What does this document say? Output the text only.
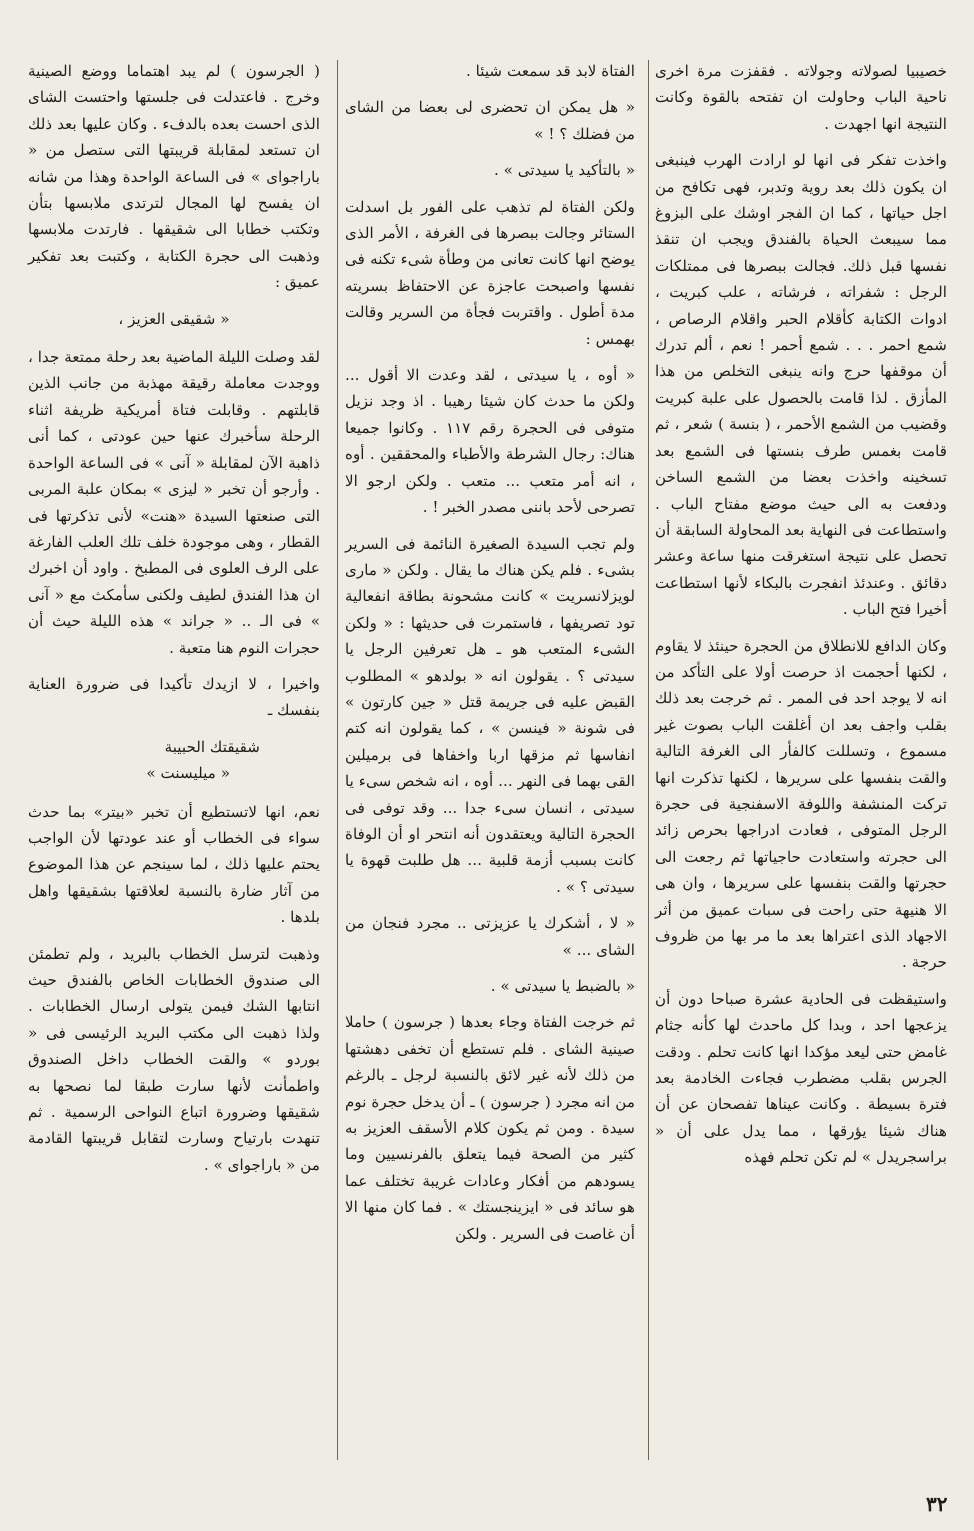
خصيبيا لصولاته وجولاته . فقفزت مرة اخرى ناحية الباب وحاولت ان تفتحه بالقوة وكانت النتيجة انها اجهدت .

واخذت تفكر فى انها لو ارادت الهرب فينبغى ان يكون ذلك بعد روية وتدبر، فهى تكافح من اجل حياتها ، كما ان الفجر اوشك على البزوغ مما سيبعث الحياة بالفندق ويجب ان تنقذ نفسها قبل ذلك. فجالت ببصرها فى ممتلكات الرجل : شفراته ، فرشاته ، علب كبريت ، ادوات الكتابة كأقلام الحبر واقلام الرصاص ، شمع احمر . . . شمع أحمر ! نعم ، ألم تدرك أن موقفها حرج وانه ينبغى التخلص من هذا المأزق . لذا قامت بالحصول على علبة كبريت وقضيب من الشمع الأحمر ، ( بنسة ) شعر ، ثم قامت بغمس طرف بنستها فى الشمع بعد تسخينه واخذت بعضا من الشمع الساخن ودفعت به الى حيث موضع مفتاح الباب . واستطاعت فى النهاية بعد المحاولة السابقة أن تحصل على نتيجة استغرقت منها ساعة وعشر دقائق . وعندئذ انفجرت بالبكاء لأنها استطاعت أخيرا فتح الباب .

وكان الدافع للانطلاق من الحجرة حينئذ لا يقاوم ، لكنها أحجمت اذ حرصت أولا على التأكد من انه لا يوجد احد فى الممر . ثم خرجت بعد ذلك بقلب واجف بعد ان أغلقت الباب بصوت غير مسموع ، وتسللت كالفأر الى الغرفة التالية والقت بنفسها على سريرها ، لكنها تذكرت انها تركت المنشفة واللوفة الاسفنجية فى حجرة الرجل المتوفى ، فعادت ادراجها بحرص زائد الى حجرته واستعادت حاجياتها ثم رجعت الى حجرتها والقت بنفسها على سريرها ، وان هى الا هنيهة حتى راحت فى سبات عميق من أثر الاجهاد الذى اعتراها بعد ما مر بها من ظروف حرجة .

واستيقظت فى الحادية عشرة صباحا دون أن يزعجها احد ، وبدا كل ماحدث لها كأنه جثام غامض حتى ليعد مؤكدا انها كانت تحلم . ودقت الجرس بقلب مضطرب فجاءت الخادمة بعد فترة بسيطة . وكانت عيناها تفصحان عن أن هناك شيئا يؤرقها ، مما يدل على أن « براسجريدل » لم تكن تحلم فهذه

الفتاة لابد قد سمعت شيئا .

« هل يمكن ان تحضرى لى بعضا من الشاى من فضلك ؟ ! »

« بالتأكيد يا سيدتى » .

ولكن الفتاة لم تذهب على الفور بل اسدلت الستائر وجالت ببصرها فى الغرفة ، الأمر الذى يوضح انها كانت تعانى من وطأة شىء تكنه فى نفسها واصبحت عاجزة عن الاحتفاظ بسريته مدة أطول . واقتربت فجأة من السرير وقالت بهمس :

« أوه ، يا سيدتى ، لقد وعدت الا أقول ... ولكن ما حدث كان شيئا رهيبا . اذ وجد نزيل متوفى فى الحجرة رقم ١١٧ . وكانوا جميعا هناك: رجال الشرطة والأطباء والمحققين . أوه ، انه أمر متعب ... متعب . ولكن ارجو الا تصرحى لأحد باننى مصدر الخبر ! .

ولم تجب السيدة الصغيرة النائمة فى السرير بشىء . فلم يكن هناك ما يقال . ولكن « مارى لويزلانسريت » كانت مشحونة بطاقة انفعالية تود تصريفها ، فاستمرت فى حديثها : « ولكن الشىء المتعب هو ـ هل تعرفين الرجل يا سيدتى ؟ . يقولون انه « بولدهو » المطلوب القبض عليه فى جريمة قتل « جين كارتون » فى شونة « فينسن » ، كما يقولون انه كتم انفاسها ثم مزقها اربا واخفاها فى برميلين القى بهما فى النهر ... أوه ، انه شخص سىء يا سيدتى ، انسان سىء جدا ... وقد توفى فى الحجرة التالية ويعتقدون أنه انتحر او أن الوفاة كانت بسبب أزمة قلبية ... هل طلبت قهوة يا سيدتى ؟ » .

« لا ، أشكرك يا عزيزتى .. مجرد فنجان من الشاى ... »

« بالضبط يا سيدتى » .

ثم خرجت الفتاة وجاء بعدها ( جرسون ) حاملا صينية الشاى . فلم تستطع أن تخفى دهشتها من ذلك لأنه غير لائق بالنسبة لرجل ـ بالرغم من انه مجرد ( جرسون ) ـ أن يدخل حجرة نوم سيدة . ومن ثم يكون كلام الأسقف العزيز به كثير من الصحة فيما يتعلق بالفرنسيين وما يسودهم من أفكار وعادات غريبة تختلف عما هو سائد فى « ايزينجستك » . فما كان منها الا أن غاصت فى السرير . ولكن

( الجرسون ) لم يبد اهتماما ووضع الصينية وخرج . فاعتدلت فى جلستها واحتست الشاى الذى احست بعده بالدفء . وكان عليها بعد ذلك ان تستعد لمقابلة قريبتها التى ستصل من « باراجواى » فى الساعة الواحدة وهذا من شانه ان يفسح لها المجال لترتدى ملابسها بتأن وتكتب خطابا الى شقيقها . فارتدت ملابسها وذهبت الى حجرة الكتابة ، وكتبت بعد تفكير عميق :

« شقيقى العزيز ،

لقد وصلت الليلة الماضية بعد رحلة ممتعة جدا ، ووجدت معاملة رقيقة مهذبة من جانب الذين قابلتهم . وقابلت فتاة أمريكية ظريفة اثناء الرحلة سأخبرك عنها حين عودتى ، كما أنى ذاهبة الآن لمقابلة « آنى » فى الساعة الواحدة . وأرجو أن تخبر « ليزى » بمكان علبة المربى التى صنعتها السيدة «هنت» لأنى تذكرتها فى القطار ، وهى موجودة خلف تلك العلب الفارغة على الرف العلوى فى المطبخ . واود أن اخبرك ان هذا الفندق لطيف ولكنى سأمكث مع « آنى » فى الـ .. « جراند » هذه الليلة حيث أن حجرات النوم هنا متعبة .

واخيرا ، لا ازيدك تأكيدا فى ضرورة العناية بنفسك ـ

شقيقتك الحبيبة

« ميليسنت »

نعم، انها لاتستطيع أن تخبر «بيتر» بما حدث سواء فى الخطاب أو عند عودتها لأن الواجب يحتم عليها ذلك ، لما سينجم عن هذا الموضوع من آثار ضارة بالنسبة لعلاقتها بشقيقها واهل بلدها .

وذهبت لترسل الخطاب بالبريد ، ولم تطمئن الى صندوق الخطابات الخاص بالفندق حيث انتابها الشك فيمن يتولى ارسال الخطابات . ولذا ذهبت الى مكتب البريد الرئيسى فى « بوردو » والقت الخطاب داخل الصندوق واطمأنت لأنها سارت طبقا لما نصحها به شقيقها وضرورة اتباع النواحى الرسمية . ثم تنهدت بارتياح وسارت لتقابل قريبتها القادمة من « باراجواى » .

٣٢
